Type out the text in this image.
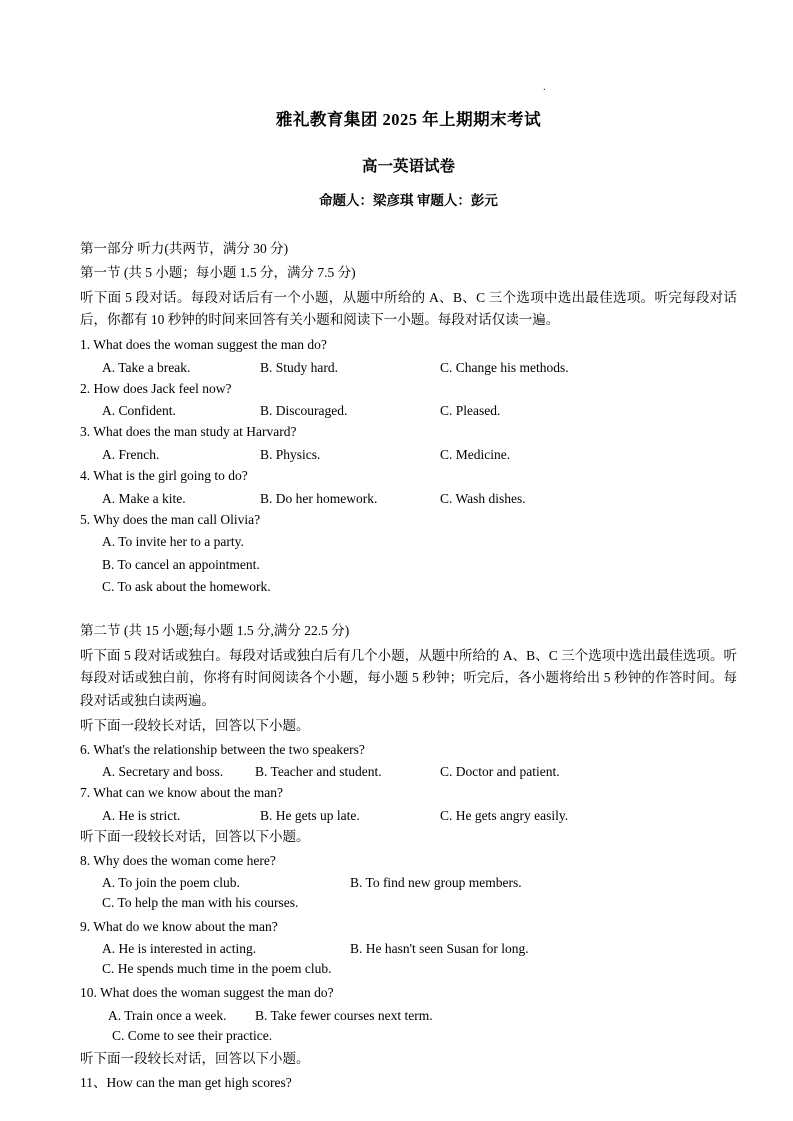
.
雅礼教育集团 2025 年上期期末考试
高一英语试卷
命题人：梁彦琪 审题人：彭元
第一部分 听力(共两节，满分 30 分)
第一节 (共 5 小题；每小题 1.5 分，满分 7.5 分)
听下面 5 段对话。每段对话后有一个小题，从题中所给的 A、B、C 三个选项中选出最佳选项。听完每段对话后，你都有 10 秒钟的时间来回答有关小题和阅读下一小题。每段对话仅读一遍。
1. What does the woman suggest the man do?
A. Take a break.	B. Study hard.	C. Change his methods.
2. How does Jack feel now?
A. Confident.	B. Discouraged.	C. Pleased.
3. What does the man study at Harvard?
A. French.	B. Physics.	C. Medicine.
4. What is the girl going to do?
A. Make a kite.	B. Do her homework.	C. Wash dishes.
5. Why does the man call Olivia?
A. To invite her to a party.
B. To cancel an appointment.
C. To ask about the homework.
第二节 (共 15 小题;每小题 1.5 分,满分 22.5 分)
听下面 5 段对话或独白。每段对话或独白后有几个小题，从题中所给的 A、B、C 三个选项中选出最佳选项。听每段对话或独白前，你将有时间阅读各个小题，每小题 5 秒钟；听完后，各小题将给出 5 秒钟的作答时间。每段对话或独白读两遍。
听下面一段较长对话，回答以下小题。
6. What's the relationship between the two speakers?
A. Secretary and boss. B. Teacher and student.	C. Doctor and patient.
7. What can we know about the man?
A. He is strict.	B. He gets up late.	C. He gets angry easily.
听下面一段较长对话，回答以下小题。
8. Why does the woman come here?
A. To join the poem club.	B. To find new group members.
C. To help the man with his courses.
9. What do we know about the man?
A. He is interested in acting.	B. He hasn't seen Susan for long.
C. He spends much time in the poem club.
10. What does the woman suggest the man do?
A. Train once a week. B. Take fewer courses next term.
C. Come to see their practice.
听下面一段较长对话，回答以下小题。
11、How can the man get high scores?
